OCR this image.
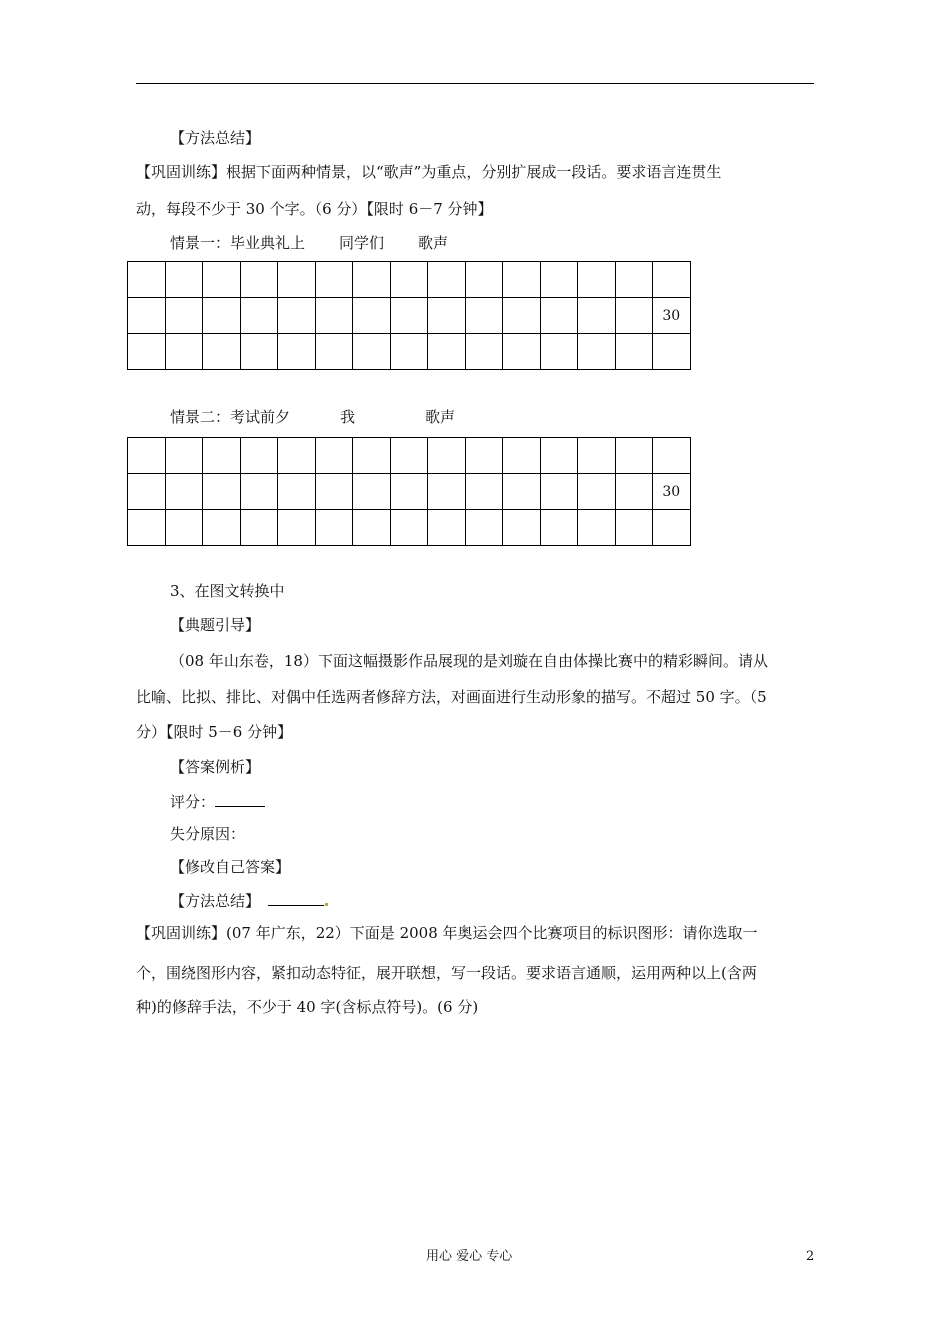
【方法总结】
【巩固训练】根据下面两种情景，以“歌声”为重点，分别扩展成一段话。要求语言连贯生
动，每段不少于 30 个字。（6 分）【限时 6－7 分钟】
情景一：毕业典礼上 同学们 歌声

														30

情景二：考试前夕	我	歌声

														30

3、在图文转换中
【典题引导】
（08 年山东卷，18）下面这幅摄影作品展现的是刘璇在自由体操比赛中的精彩瞬间。请从
比喻、比拟、排比、对偶中任选两者修辞方法，对画面进行生动形象的描写。不超过 50 字。（5
分）【限时 5－6 分钟】
【答案例析】
评分：
失分原因：
【修改自己答案】
【方法总结】
【巩固训练】(07 年广东，22）下面是 2008 年奥运会四个比赛项目的标识图形：请你选取一
个，围绕图形内容，紧扣动态特征，展开联想，写一段话。要求语言通顺，运用两种以上(含两
种)的修辞手法，不少于 40 字(含标点符号)。(6 分)
用心 爱心 专心	2
